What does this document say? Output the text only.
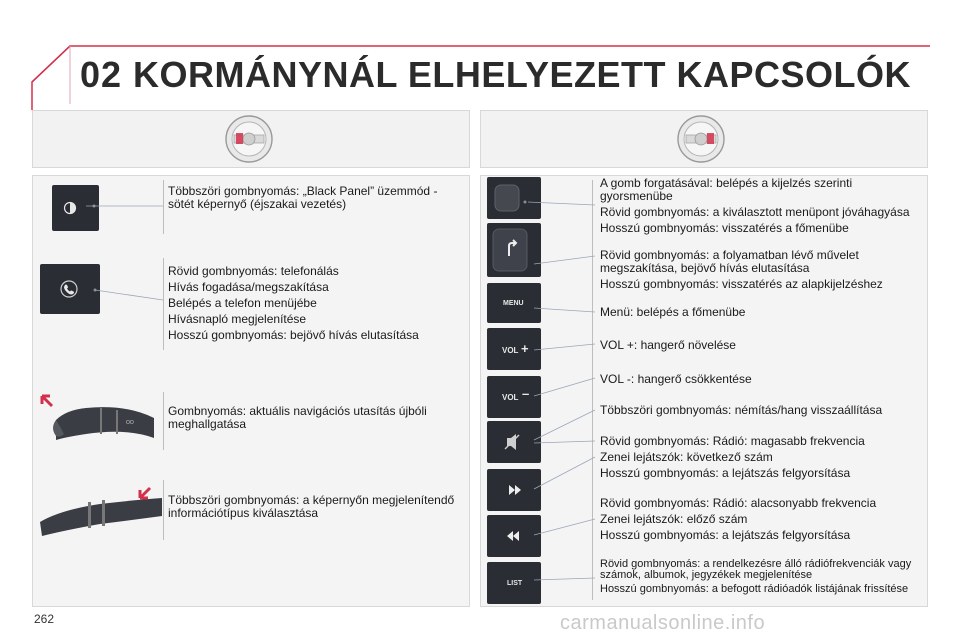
02 KORMÁNYNÁL ELHELYEZETT KAPCSOLÓK
OO
Többszöri gombnyomás: „Black Panel” üzemmód - sötét képernyő (éjszakai vezetés)
Rövid gombnyomás: telefonálás
Hívás fogadása/megszakítása
Belépés a telefon menüjébe
Hívásnapló megjelenítése
Hosszú gombnyomás: bejövő hívás elutasítása
Gombnyomás: aktuális navigációs utasítás újbóli meghallgatása
Többszöri gombnyomás: a képernyőn megjelenítendő információtípus kiválasztása
MENU
VOL +
VOL –
LIST
A gomb forgatásával: belépés a kijelzés szerinti gyorsmenübe
Rövid gombnyomás: a kiválasztott menüpont jóváhagyása
Hosszú gombnyomás: visszatérés a főmenübe
Rövid gombnyomás: a folyamatban lévő művelet megszakítása, bejövő hívás elutasítása
Hosszú gombnyomás: visszatérés az alapkijelzéshez
Menü: belépés a főmenübe
VOL +: hangerő növelése
VOL -: hangerő csökkentése
Többszöri gombnyomás: némítás/hang visszaállítása
Rövid gombnyomás: Rádió: magasabb frekvencia
Zenei lejátszók: következő szám
Hosszú gombnyomás: a lejátszás felgyorsítása
Rövid gombnyomás: Rádió: alacsonyabb frekvencia
Zenei lejátszók: előző szám
Hosszú gombnyomás: a lejátszás felgyorsítása
Rövid gombnyomás: a rendelkezésre álló rádiófrekvenciák vagy számok, albumok, jegyzékek megjelenítése
Hosszú gombnyomás: a befogott rádióadók listájának frissítése
262	carmanualsonline.info
